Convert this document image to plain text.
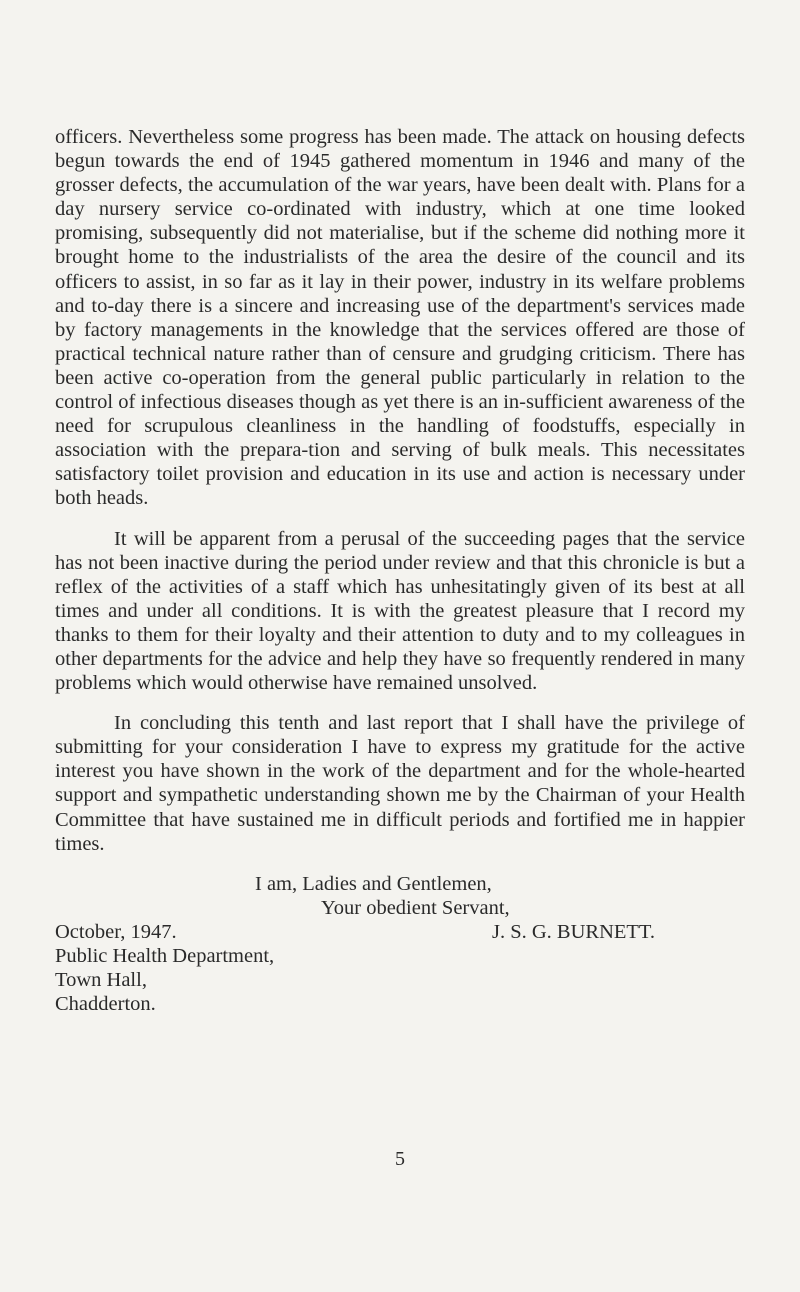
officers. Nevertheless some progress has been made. The attack on housing defects begun towards the end of 1945 gathered momentum in 1946 and many of the grosser defects, the accumulation of the war years, have been dealt with. Plans for a day nursery service co-ordinated with industry, which at one time looked promising, subsequently did not materialise, but if the scheme did nothing more it brought home to the industrialists of the area the desire of the council and its officers to assist, in so far as it lay in their power, industry in its welfare problems and to-day there is a sincere and increasing use of the department's services made by factory managements in the knowledge that the services offered are those of practical technical nature rather than of censure and grudging criticism. There has been active co-operation from the general public particularly in relation to the control of infectious diseases though as yet there is an in-sufficient awareness of the need for scrupulous cleanliness in the handling of foodstuffs, especially in association with the prepara-tion and serving of bulk meals. This necessitates satisfactory toilet provision and education in its use and action is necessary under both heads.

It will be apparent from a perusal of the succeeding pages that the service has not been inactive during the period under review and that this chronicle is but a reflex of the activities of a staff which has unhesitatingly given of its best at all times and under all conditions. It is with the greatest pleasure that I record my thanks to them for their loyalty and their attention to duty and to my colleagues in other departments for the advice and help they have so frequently rendered in many problems which would otherwise have remained unsolved.

In concluding this tenth and last report that I shall have the privilege of submitting for your consideration I have to express my gratitude for the active interest you have shown in the work of the department and for the whole-hearted support and sympathetic understanding shown me by the Chairman of your Health Committee that have sustained me in difficult periods and fortified me in happier times.

I am, Ladies and Gentlemen,
Your obedient Servant,
October, 1947.	J. S. G. BURNETT.
Public Health Department,
Town Hall,
Chadderton.
5
